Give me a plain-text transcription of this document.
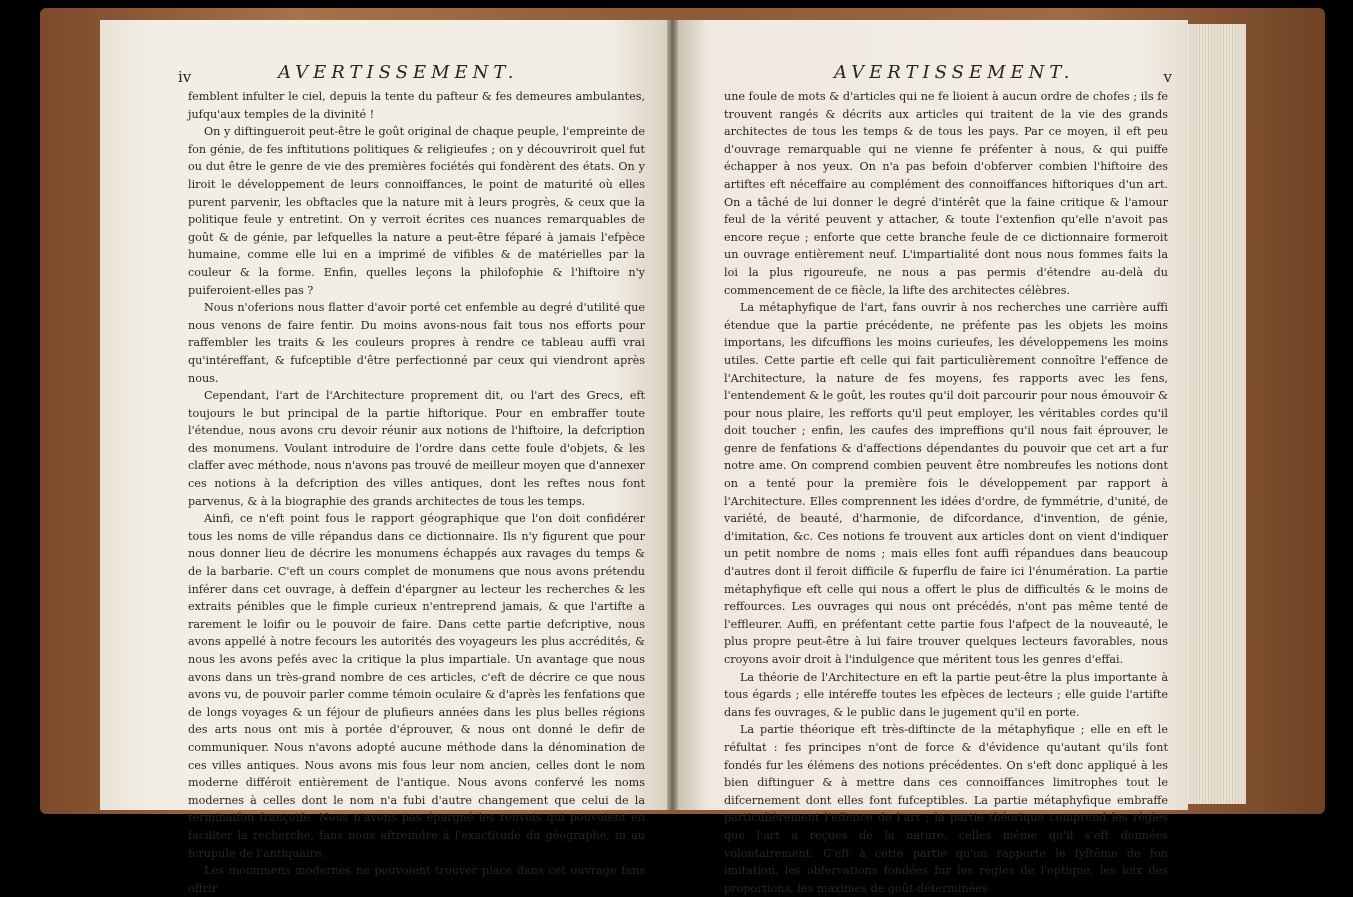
iv	AVERTISSEMENT.

femblent infulter le ciel, depuis la tente du pafteur & fes demeures ambulantes, jufqu'aux temples de la divinité !

On y diftingueroit peut-être le goût original de chaque peuple, l'empreinte de fon génie, de fes inftitutions politiques & religieufes ; on y découvriroit quel fut ou dut être le genre de vie des premières fociétés qui fondèrent des états. On y liroit le développement de leurs connoiffances, le point de maturité où elles purent parvenir, les obftacles que la nature mit à leurs progrès, & ceux que la politique feule y entretint. On y verroit écrites ces nuances remarquables de goût & de génie, par lefquelles la nature a peut-être féparé à jamais l'efpèce humaine, comme elle lui en a imprimé de vifibles & de matérielles par la couleur & la forme. Enfin, quelles leçons la philofophie & l'hiftoire n'y puiferoient-elles pas ?

Nous n'oferions nous flatter d'avoir porté cet enfemble au degré d'utilité que nous venons de faire fentir. Du moins avons-nous fait tous nos efforts pour raffembler les traits & les couleurs propres à rendre ce tableau auffi vrai qu'intéreffant, & fufceptible d'être perfectionné par ceux qui viendront après nous.

Cependant, l'art de l'Architecture proprement dit, ou l'art des Grecs, eft toujours le but principal de la partie hiftorique. Pour en embraffer toute l'étendue, nous avons cru devoir réunir aux notions de l'hiftoire, la defcription des monumens. Voulant introduire de l'ordre dans cette foule d'objets, & les claffer avec méthode, nous n'avons pas trouvé de meilleur moyen que d'annexer ces notions à la defcription des villes antiques, dont les reftes nous font parvenus, & à la biographie des grands architectes de tous les temps.

Ainfi, ce n'eft point fous le rapport géographique que l'on doit confidérer tous les noms de ville répandus dans ce dictionnaire. Ils n'y figurent que pour nous donner lieu de décrire les monumens échappés aux ravages du temps & de la barbarie. C'eft un cours complet de monumens que nous avons prétendu inférer dans cet ouvrage, à deffein d'épargner au lecteur les recherches & les extraits pénibles que le fimple curieux n'entreprend jamais, & que l'artifte a rarement le loifir ou le pouvoir de faire. Dans cette partie defcriptive, nous avons appellé à notre fecours les autorités des voyageurs les plus accrédités, & nous les avons pefés avec la critique la plus impartiale. Un avantage que nous avons dans un très-grand nombre de ces articles, c'eft de décrire ce que nous avons vu, de pouvoir parler comme témoin oculaire & d'après les fenfations que de longs voyages & un féjour de plufieurs années dans les plus belles régions des arts nous ont mis à portée d'éprouver, & nous ont donné le defir de communiquer. Nous n'avons adopté aucune méthode dans la dénomination de ces villes antiques. Nous avons mis fous leur nom ancien, celles dont le nom moderne différoit entièrement de l'antique. Nous avons confervé les noms modernes à celles dont le nom n'a fubi d'autre changement que celui de la terminaifon françoife. Nous n'avons pas épargné les renvois qui pouvoient en faciliter la recherche, fans nous aftreindre à l'exactitude du géographe, ni au fcrupule de l'antiquaire.

Les monumens modernes ne pouvoient trouver place dans cet ouvrage fans offrir

AVERTISSEMENT.	v

une foule de mots & d'articles qui ne fe lioient à aucun ordre de chofes ; ils fe trouvent rangés & décrits aux articles qui traitent de la vie des grands architectes de tous les temps & de tous les pays. Par ce moyen, il eft peu d'ouvrage remarquable qui ne vienne fe préfenter à nous, & qui puiffe échapper à nos yeux. On n'a pas befoin d'obferver combien l'hiftoire des artiftes eft néceffaire au complément des connoiffances hiftoriques d'un art. On a tâché de lui donner le degré d'intérêt que la faine critique & l'amour feul de la vérité peuvent y attacher, & toute l'extenfion qu'elle n'avoit pas encore reçue ; enforte que cette branche feule de ce dictionnaire formeroit un ouvrage entièrement neuf. L'impartialité dont nous nous fommes faits la loi la plus rigoureufe, ne nous a pas permis d'étendre au-delà du commencement de ce fiècle, la lifte des architectes célèbres.

La métaphyfique de l'art, fans ouvrir à nos recherches une carrière auffi étendue que la partie précédente, ne préfente pas les objets les moins importans, les difcuffions les moins curieufes, les développemens les moins utiles. Cette partie eft celle qui fait particulièrement connoître l'effence de l'Architecture, la nature de fes moyens, fes rapports avec les fens, l'entendement & le goût, les routes qu'il doit parcourir pour nous émouvoir & pour nous plaire, les refforts qu'il peut employer, les véritables cordes qu'il doit toucher ; enfin, les caufes des impreffions qu'il nous fait éprouver, le genre de fenfations & d'affections dépendantes du pouvoir que cet art a fur notre ame. On comprend combien peuvent être nombreufes les notions dont on a tenté pour la première fois le développement par rapport à l'Architecture. Elles comprennent les idées d'ordre, de fymmétrie, d'unité, de variété, de beauté, d'harmonie, de difcordance, d'invention, de génie, d'imitation, &c. Ces notions fe trouvent aux articles dont on vient d'indiquer un petit nombre de noms ; mais elles font auffi répandues dans beaucoup d'autres dont il feroit difficile & fuperflu de faire ici l'énumération. La partie métaphyfique eft celle qui nous a offert le plus de difficultés & le moins de reffources. Les ouvrages qui nous ont précédés, n'ont pas même tenté de l'effleurer. Auffi, en préfentant cette partie fous l'afpect de la nouveauté, le plus propre peut-être à lui faire trouver quelques lecteurs favorables, nous croyons avoir droit à l'indulgence que méritent tous les genres d'effai.

La théorie de l'Architecture en eft la partie peut-être la plus importante à tous égards ; elle intéreffe toutes les efpèces de lecteurs ; elle guide l'artifte dans fes ouvrages, & le public dans le jugement qu'il en porte.

La partie théorique eft très-diftincte de la métaphyfique ; elle en eft le réfultat : fes principes n'ont de force & d'évidence qu'autant qu'ils font fondés fur les élémens des notions précédentes. On s'eft donc appliqué à les bien diftinguer & à mettre dans ces connoiffances limitrophes tout le difcernement dont elles font fufceptibles. La partie métaphyfique embraffe particulièrement l'effence de l'art ; la partie théorique comprend les règles que l'art a reçues de la nature, celles même qu'il s'eft données volontairement. C'eft à cette partie qu'on rapporte le fyftême de fon imitation, les obfervations fondées fur les règles de l'optique, les loix des proportions, les maximes de goût déterminées
